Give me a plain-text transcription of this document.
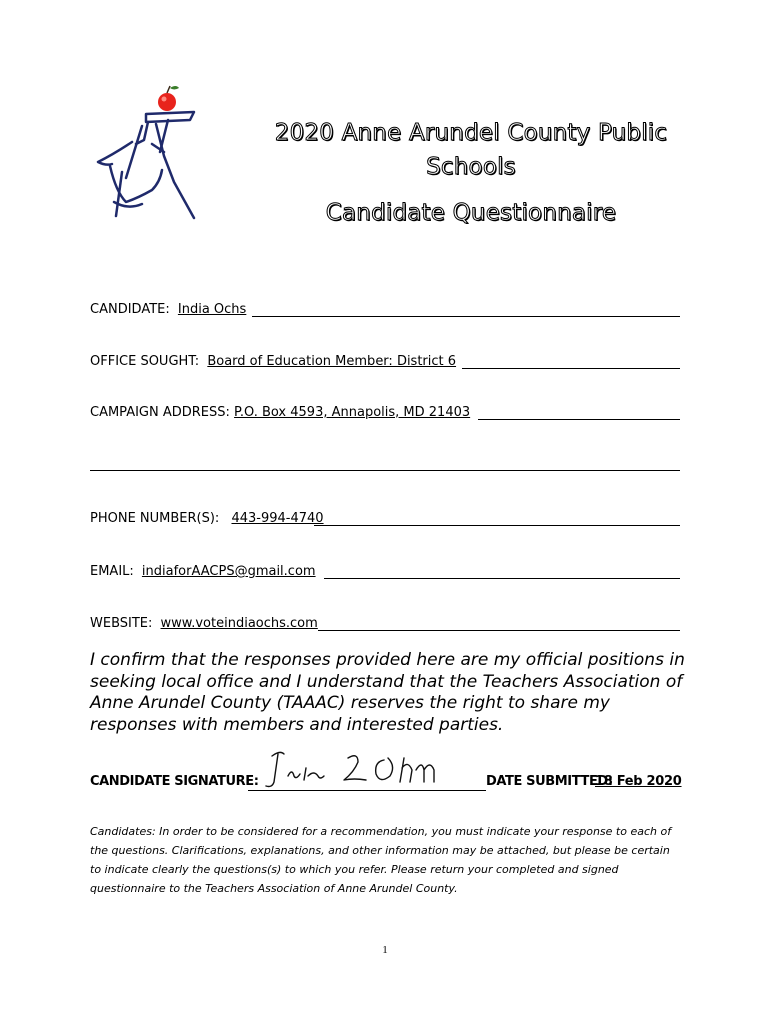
2020 Anne Arundel County Public
Schools
Candidate Questionnaire
CANDIDATE: India Ochs
OFFICE SOUGHT: Board of Education Member: District 6
CAMPAIGN ADDRESS: P.O. Box 4593, Annapolis, MD 21403
PHONE NUMBER(S): 443-994-4740
EMAIL: indiaforAACPS@gmail.com
WEBSITE: www.voteindiaochs.com
I confirm that the responses provided here are my official positions in seeking local office and I understand that the Teachers Association of Anne Arundel County (TAAAC) reserves the right to share my responses with members and interested parties.
CANDIDATE SIGNATURE:	DATE SUBMITTED:
18 Feb 2020
Candidates: In order to be considered for a recommendation, you must indicate your response to each of the questions. Clarifications, explanations, and other information may be attached, but please be certain to indicate clearly the questions(s) to which you refer. Please return your completed and signed questionnaire to the Teachers Association of Anne Arundel County.
1
